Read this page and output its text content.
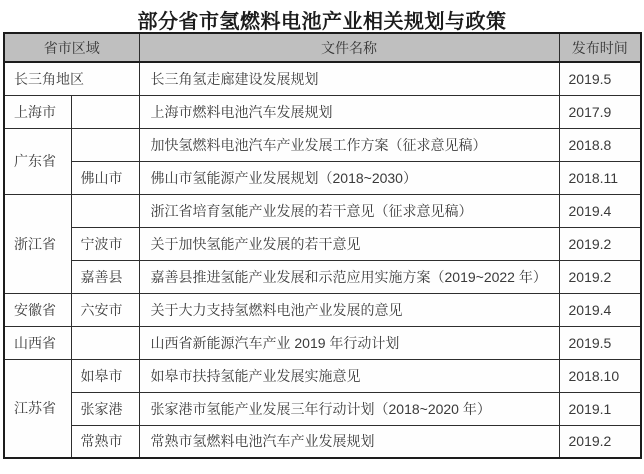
部分省市氢燃料电池产业相关规划与政策
省市区域		文件名称	发布时间
长三角地区		长三角氢走廊建设发展规划	2019.5
上海市		上海市燃料电池汽车发展规划	2017.9
广东省		加快氢燃料电池汽车产业发展工作方案（征求意见稿）	2018.8
	佛山市	佛山市氢能源产业发展规划（2018~2030）	2018.11
浙江省		浙江省培育氢能产业发展的若干意见（征求意见稿）	2019.4
	宁波市	关于加快氢能产业发展的若干意见	2019.2
	嘉善县	嘉善县推进氢能产业发展和示范应用实施方案（2019~2022 年）	2019.2
安徽省	六安市	关于大力支持氢燃料电池产业发展的意见	2019.4
山西省		山西省新能源汽车产业 2019 年行动计划	2019.5
江苏省	如皋市	如皋市扶持氢能产业发展实施意见	2018.10
	张家港	张家港市氢能产业发展三年行动计划（2018~2020 年）	2019.1
	常熟市	常熟市氢燃料电池汽车产业发展规划	2019.2
